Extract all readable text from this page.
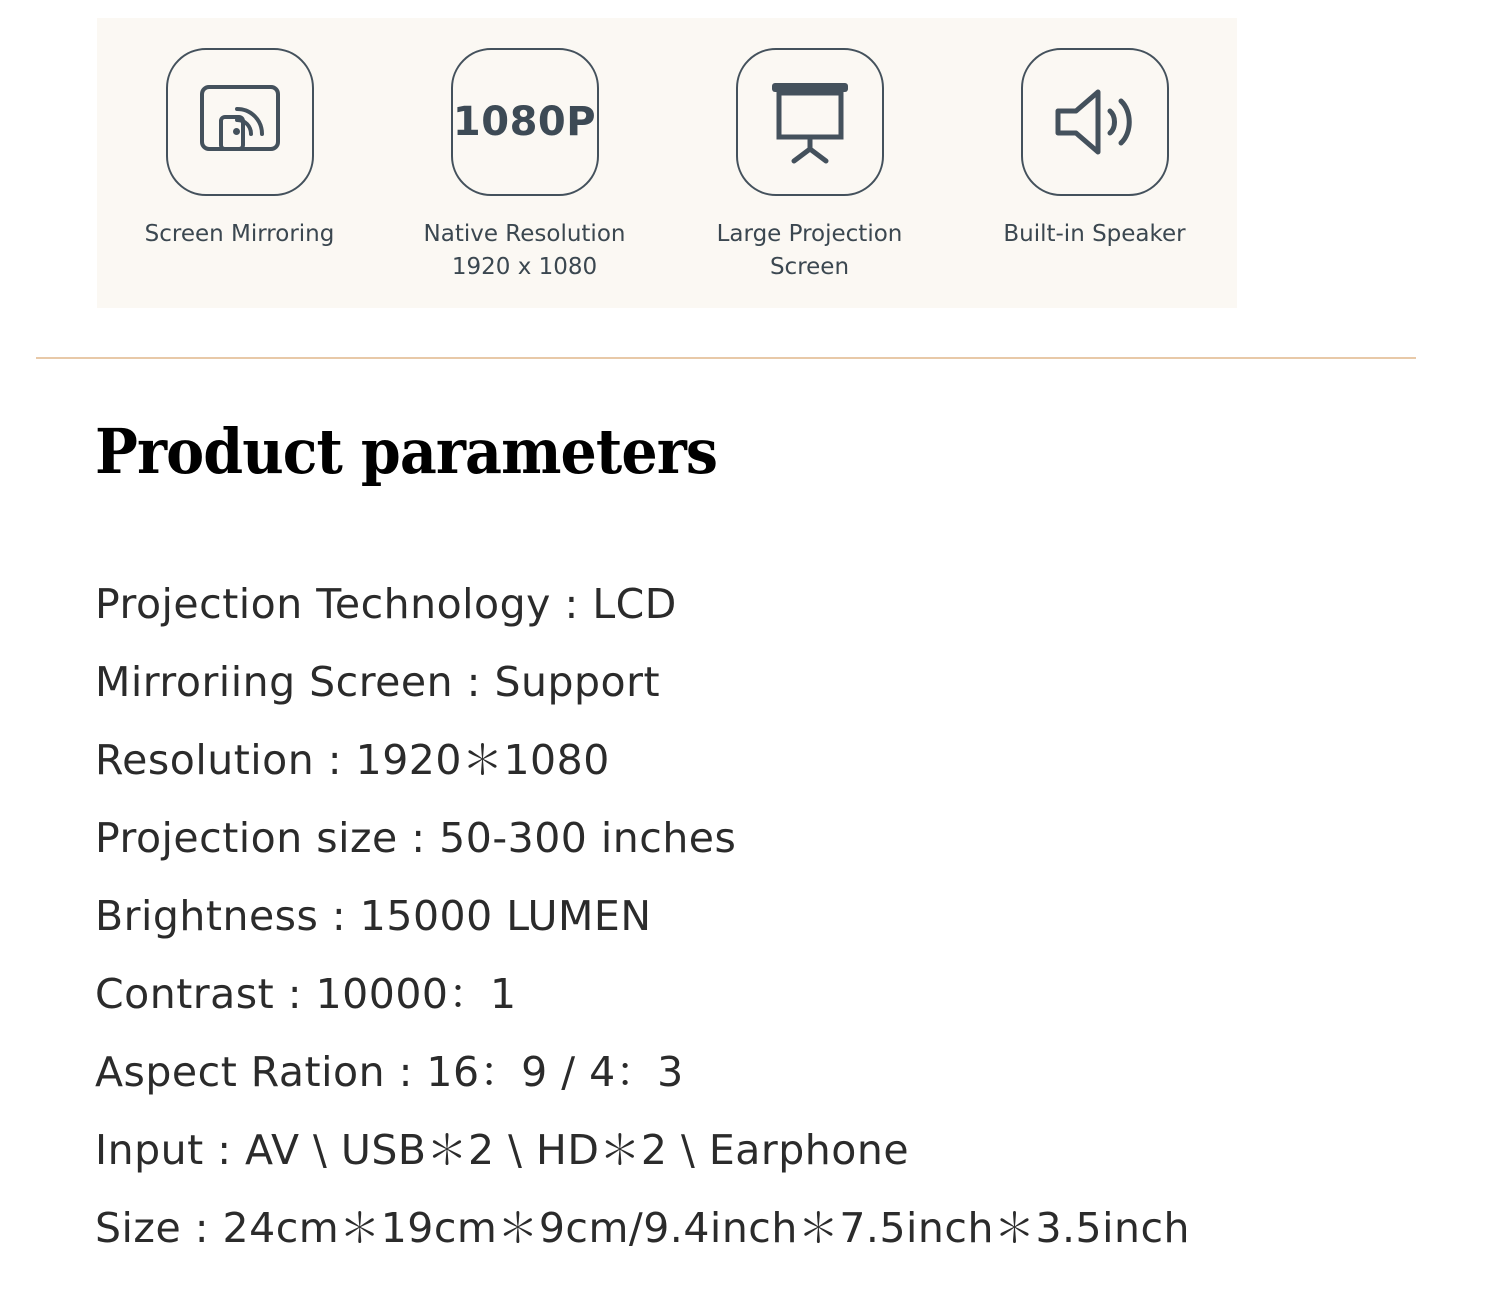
Screen Mirroring
1080P
Native Resolution
1920 x 1080
Large Projection
Screen
Built-in Speaker
Product parameters
Projection Technology : LCD
Mirroriing Screen : Support
Resolution : 1920＊1080
Projection size : 50-300 inches
Brightness : 15000 LUMEN
Contrast : 10000：1
Aspect Ration : 16：9 / 4：3
Input : AV \ USB＊2 \ HD＊2 \ Earphone
Size : 24cm＊19cm＊9cm/9.4inch＊7.5inch＊3.5inch
